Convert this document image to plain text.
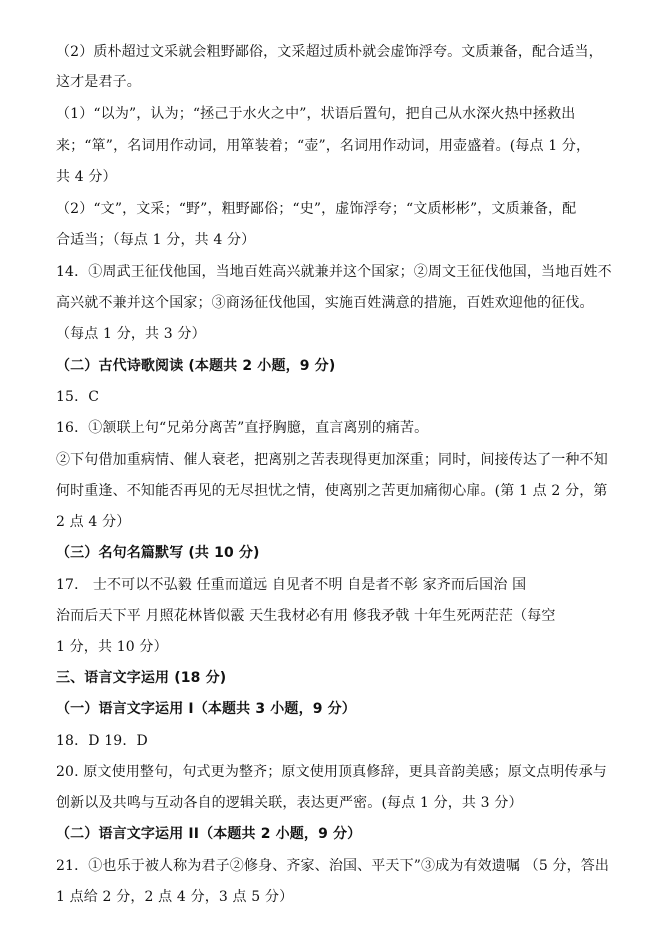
（2）质朴超过文采就会粗野鄙俗，文采超过质朴就会虚饰浮夸。文质兼备，配合适当，
这才是君子。
（1）“以为”，认为；“拯己于水火之中”，状语后置句，把自己从水深火热中拯救出
来；“箪”，名词用作动词，用箪装着；“壶”，名词用作动词，用壶盛着。(每点 1 分，
共 4 分）
（2）“文”，文采；“野”，粗野鄙俗；“史”，虚饰浮夸；“文质彬彬”，文质兼备，配
合适当；（每点 1 分，共 4 分）
14．①周武王征伐他国，当地百姓高兴就兼并这个国家；②周文王征伐他国，当地百姓不
高兴就不兼并这个国家；③商汤征伐他国，实施百姓满意的措施，百姓欢迎他的征伐。
（每点 1 分，共 3 分）
（二）古代诗歌阅读 (本题共 2 小题，9 分)
15．C
16．①颔联上句“兄弟分离苦”直抒胸臆，直言离别的痛苦。
②下句借加重病情、催人衰老，把离别之苦表现得更加深重；同时，间接传达了一种不知
何时重逢、不知能否再见的无尽担忧之情，使离别之苦更加痛彻心扉。(第 1 点 2 分，第
2 点 4 分）
（三）名句名篇默写 (共 10 分)
17． 士不可以不弘毅 任重而道远 自见者不明 自是者不彰 家齐而后国治 国
治而后天下平 月照花林皆似霰 天生我材必有用 修我矛戟 十年生死两茫茫（每空
1 分，共 10 分）
三、语言文字运用 (18 分)
（一）语言文字运用 I（本题共 3 小题，9 分）
18．D 19．D
20. 原文使用整句，句式更为整齐；原文使用顶真修辞，更具音韵美感；原文点明传承与
创新以及共鸣与互动各自的逻辑关联，表达更严密。(每点 1 分，共 3 分）
（二）语言文字运用 II（本题共 2 小题，9 分）
21．①也乐于被人称为君子②修身、齐家、治国、平天下”③成为有效遗嘱 （5 分，答出
1 点给 2 分，2 点 4 分，3 点 5 分）
